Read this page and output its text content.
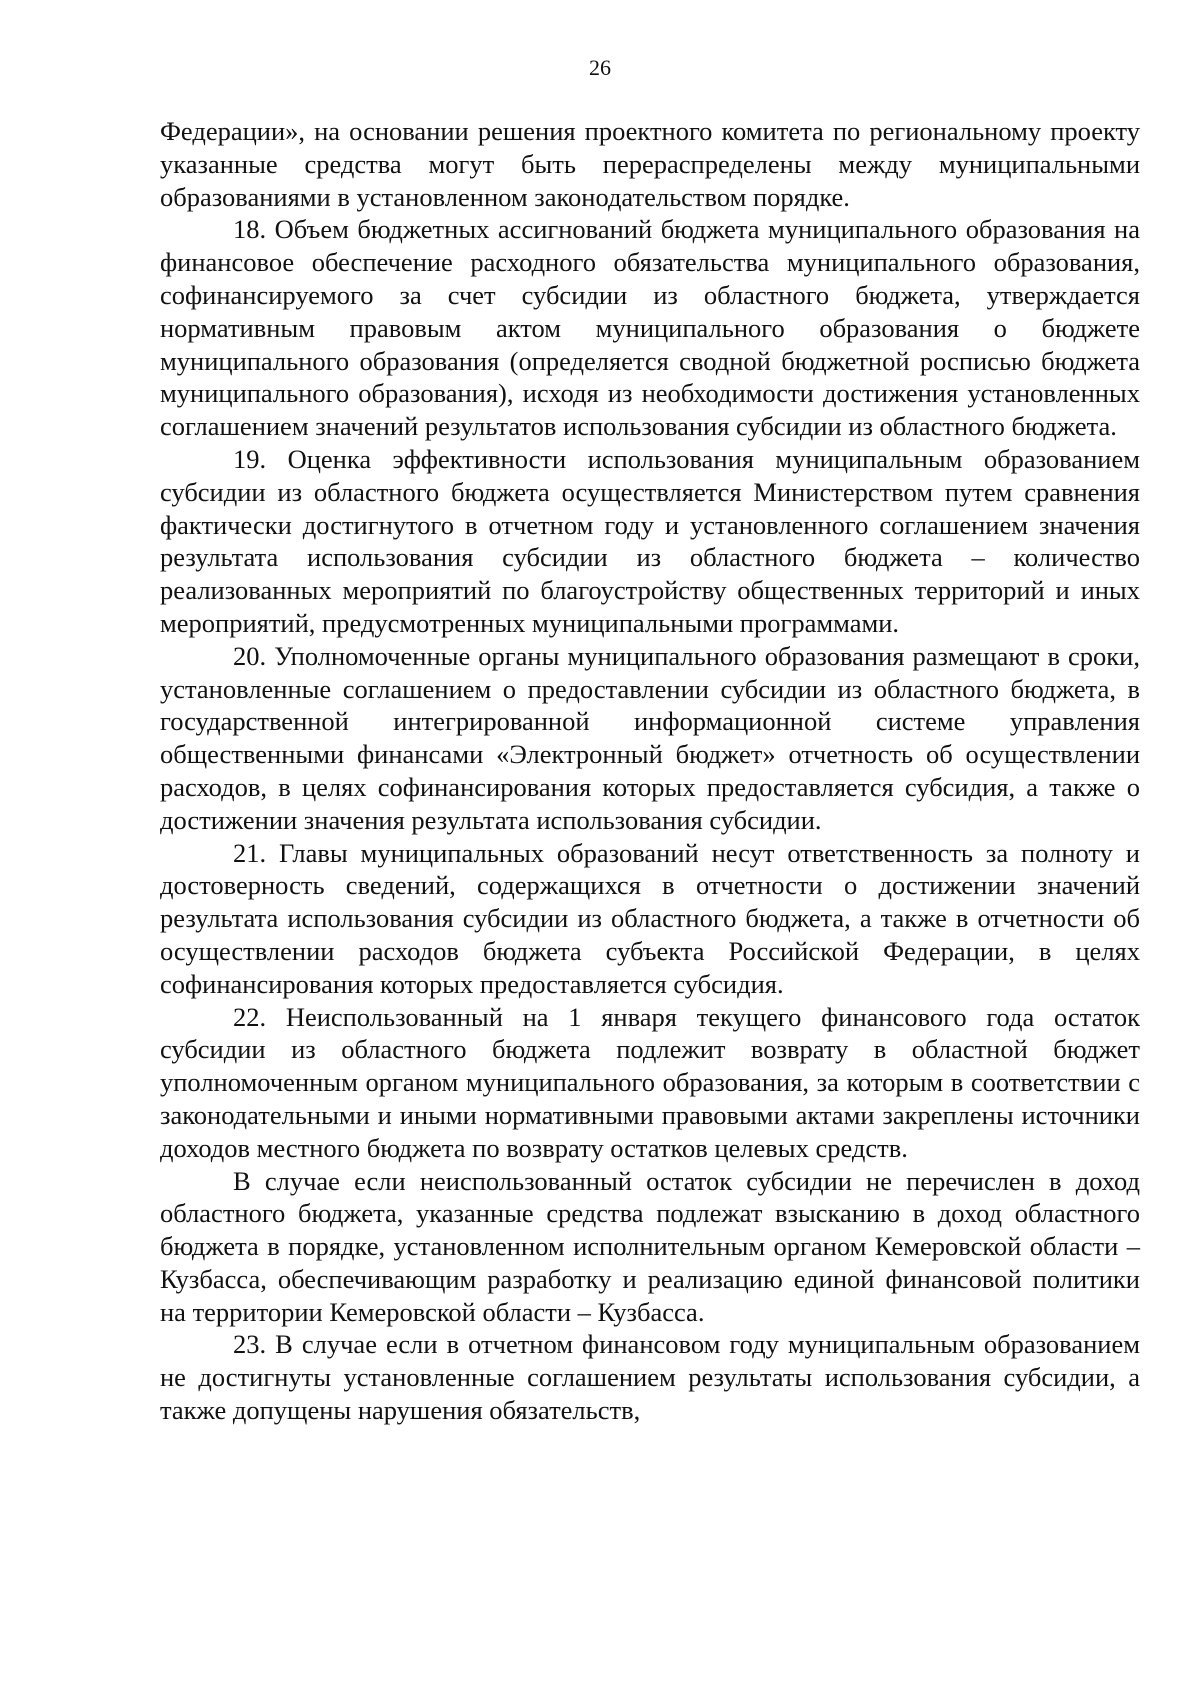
26

Федерации», на основании решения проектного комитета по региональному проекту указанные средства могут быть перераспределены между муниципальными образованиями в установленном законодательством порядке.

18. Объем бюджетных ассигнований бюджета муниципального образования на финансовое обеспечение расходного обязательства муниципального образования, софинансируемого за счет субсидии из областного бюджета, утверждается нормативным правовым актом муниципального образования о бюджете муниципального образования (определяется сводной бюджетной росписью бюджета муниципального образования), исходя из необходимости достижения установленных соглашением значений результатов использования субсидии из областного бюджета.

19. Оценка эффективности использования муниципальным образованием субсидии из областного бюджета осуществляется Министерством путем сравнения фактически достигнутого в отчетном году и установленного соглашением значения результата использования субсидии из областного бюджета – количество реализованных мероприятий по благоустройству общественных территорий и иных мероприятий, предусмотренных муниципальными программами.

20. Уполномоченные органы муниципального образования размещают в сроки, установленные соглашением о предоставлении субсидии из областного бюджета, в государственной интегрированной информационной системе управления общественными финансами «Электронный бюджет» отчетность об осуществлении расходов, в целях софинансирования которых предоставляется субсидия, а также о достижении значения результата использования субсидии.

21. Главы муниципальных образований несут ответственность за полноту и достоверность сведений, содержащихся в отчетности о достижении значений результата использования субсидии из областного бюджета, а также в отчетности об осуществлении расходов бюджета субъекта Российской Федерации, в целях софинансирования которых предоставляется субсидия.

22. Неиспользованный на 1 января текущего финансового года остаток субсидии из областного бюджета подлежит возврату в областной бюджет уполномоченным органом муниципального образования, за которым в соответствии с законодательными и иными нормативными правовыми актами закреплены источники доходов местного бюджета по возврату остатков целевых средств.

В случае если неиспользованный остаток субсидии не перечислен в доход областного бюджета, указанные средства подлежат взысканию в доход областного бюджета в порядке, установленном исполнительным органом Кемеровской области – Кузбасса, обеспечивающим разработку и реализацию единой финансовой политики на территории Кемеровской области – Кузбасса.

23. В случае если в отчетном финансовом году муниципальным образованием не достигнуты установленные соглашением результаты использования субсидии, а также допущены нарушения обязательств,
